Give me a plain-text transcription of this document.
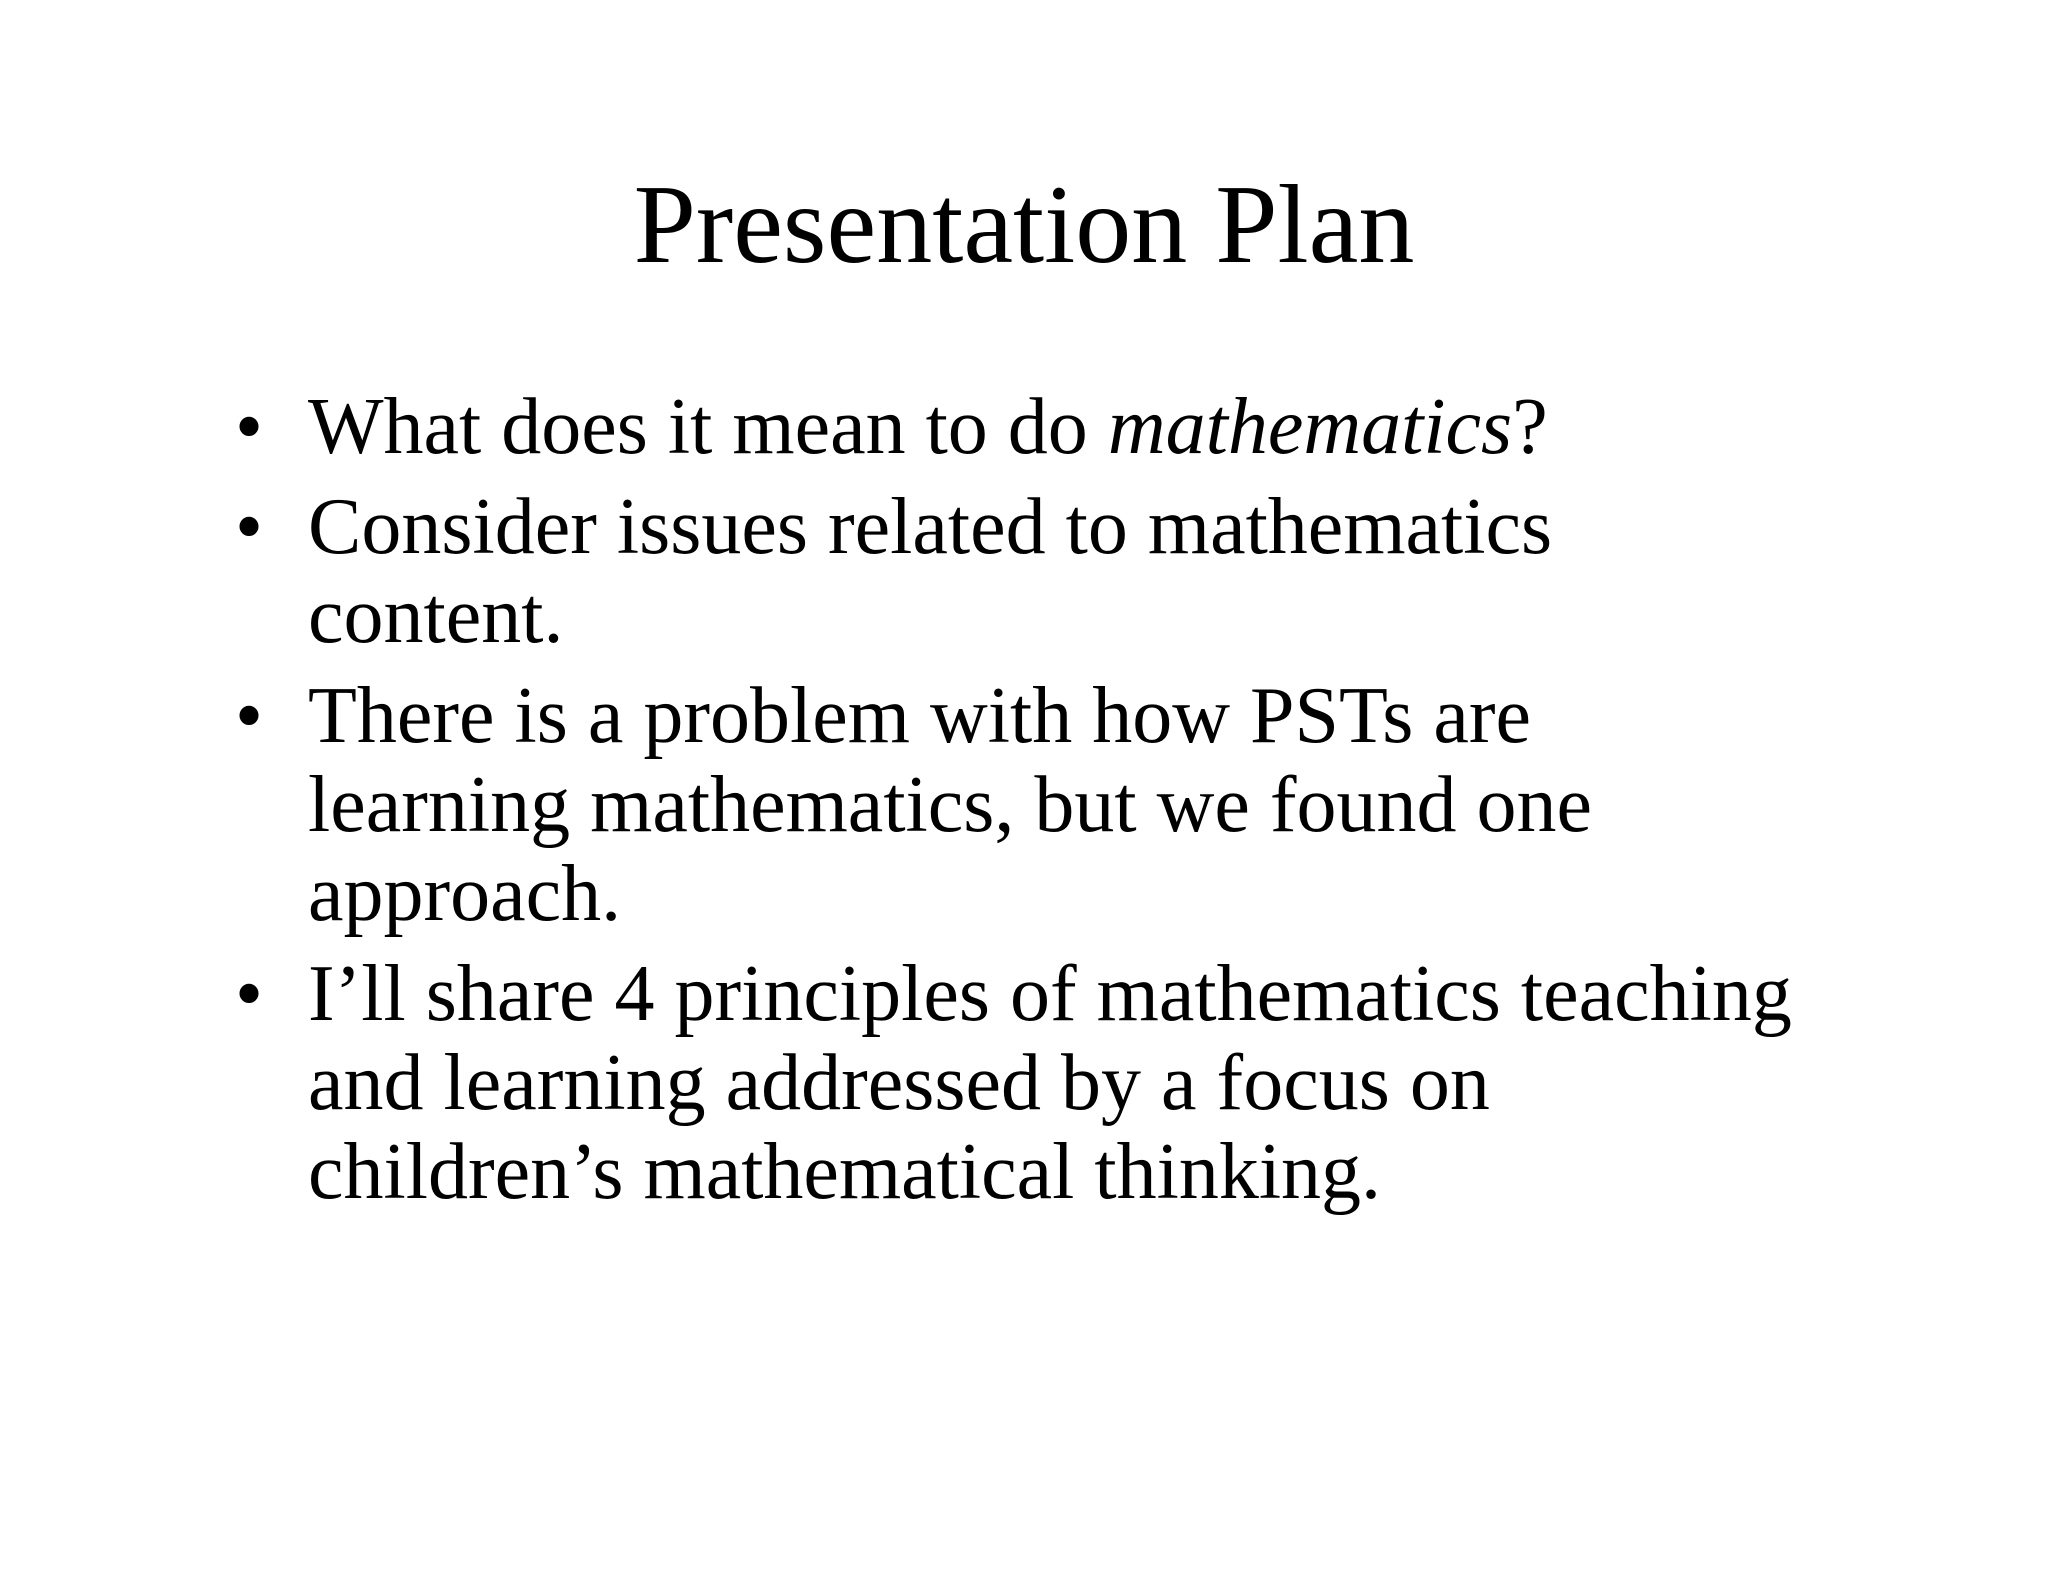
Presentation Plan
• What does it mean to do mathematics?
• Consider issues related to mathematics content.
• There is a problem with how PSTs are learning mathematics, but we found one approach.
• I’ll share 4 principles of mathematics teaching and learning addressed by a focus on children’s mathematical thinking.
